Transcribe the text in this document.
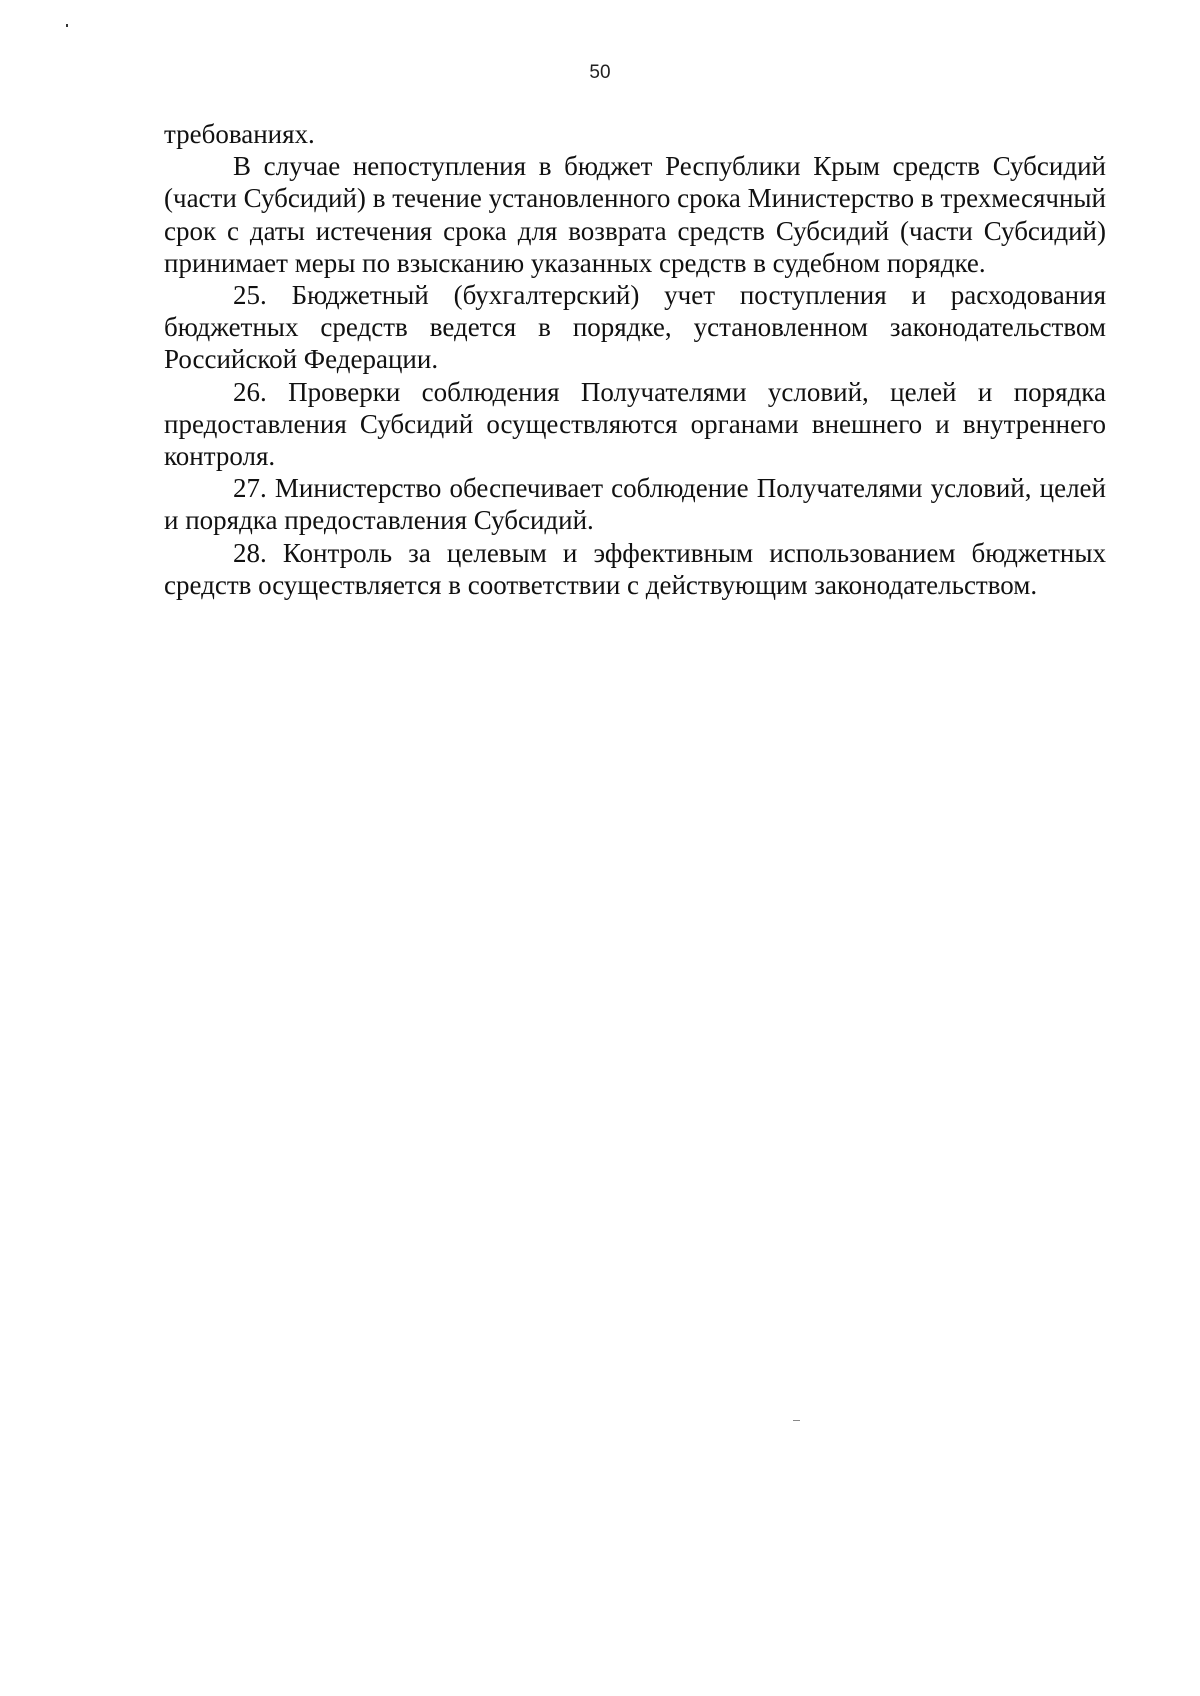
50

требованиях.

В случае непоступления в бюджет Республики Крым средств Субсидий (части Субсидий) в течение установленного срока Министерство в трехмесячный срок с даты истечения срока для возврата средств Субсидий (части Субсидий) принимает меры по взысканию указанных средств в судебном порядке.

25. Бюджетный (бухгалтерский) учет поступления и расходования бюджетных средств ведется в порядке, установленном законодательством Российской Федерации.

26. Проверки соблюдения Получателями условий, целей и порядка предоставления Субсидий осуществляются органами внешнего и внутреннего контроля.

27. Министерство обеспечивает соблюдение Получателями условий, целей и порядка предоставления Субсидий.

28. Контроль за целевым и эффективным использованием бюджетных средств осуществляется в соответствии с действующим законодательством.
